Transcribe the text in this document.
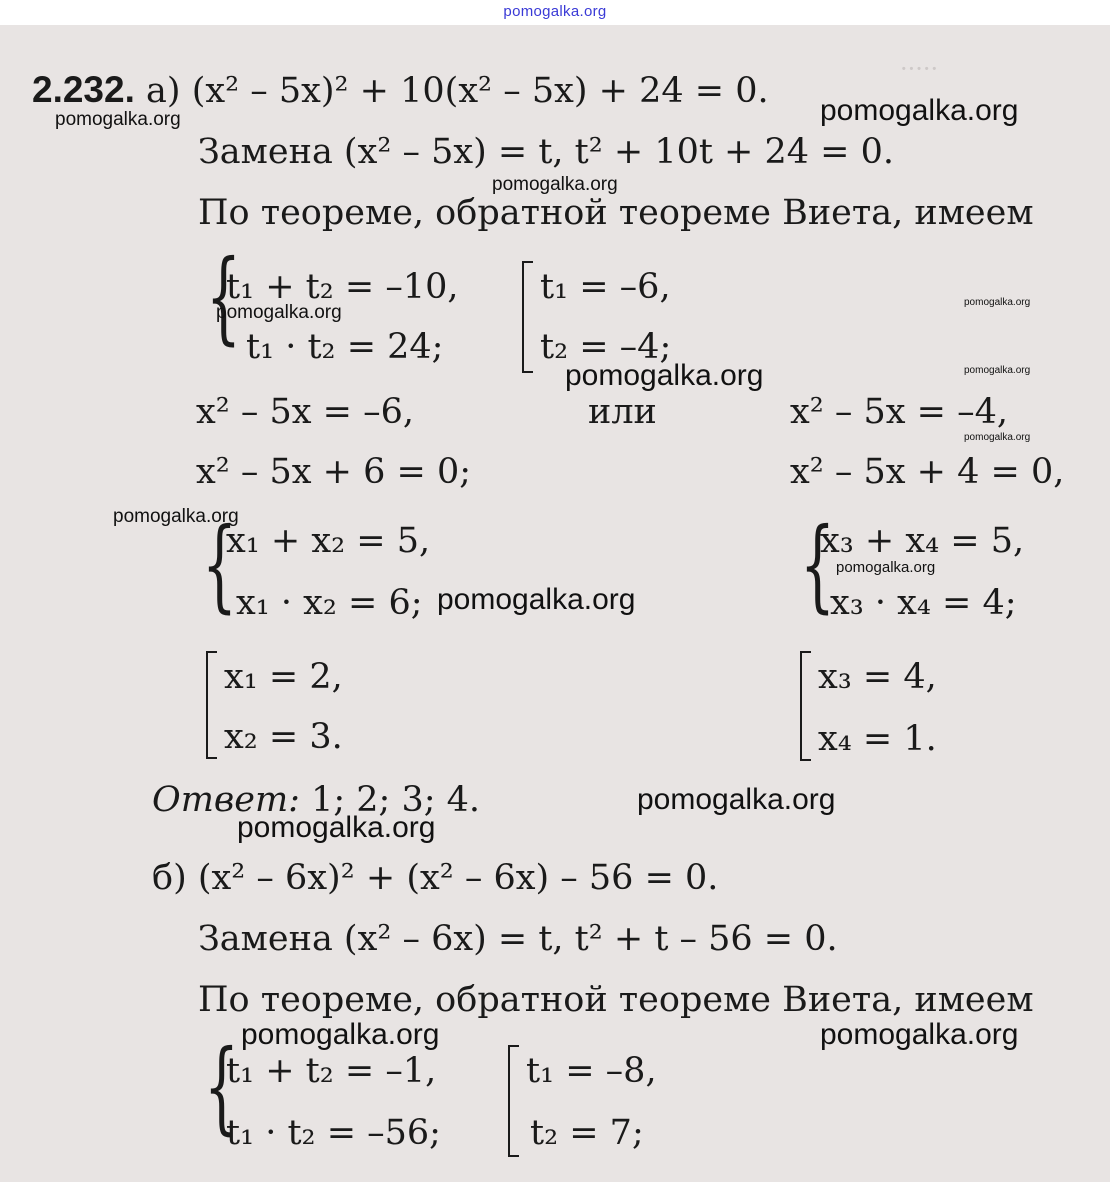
pomogalka.org
·····
2.232. а) (x² – 5x)² + 10(x² – 5x) + 24 = 0.
Замена (x² – 5x) = t, t² + 10t + 24 = 0.
По теореме, обратной теореме Виета, имеем
{
t₁ + t₂ = –10,
t₁ · t₂ = 24;
t₁ = –6,
t₂ = –4;
x² – 5x = –6,	или	x² – 5x = –4,
x² – 5x + 6 = 0;	x² – 5x + 4 = 0,
{
x₁ + x₂ = 5,
x₁ · x₂ = 6;	{
x₃ + x₄ = 5,
x₃ · x₄ = 4;
x₁ = 2,
x₂ = 3.
x₃ = 4,
x₄ = 1.
Ответ: 1; 2; 3; 4.
б) (x² – 6x)² + (x² – 6x) – 56 = 0.
Замена (x² – 6x) = t, t² + t – 56 = 0.
По теореме, обратной теореме Виета, имеем
{
t₁ + t₂ = –1,
t₁ · t₂ = –56;
t₁ = –8,
t₂ = 7;
pomogalka.org	pomogalka.org
pomogalka.org
pomogalka.org	pomogalka.org
pomogalka.org	pomogalka.org
pomogalka.org
pomogalka.org
pomogalka.org
pomogalka.org
pomogalka.org
pomogalka.org
pomogalka.org	pomogalka.org
